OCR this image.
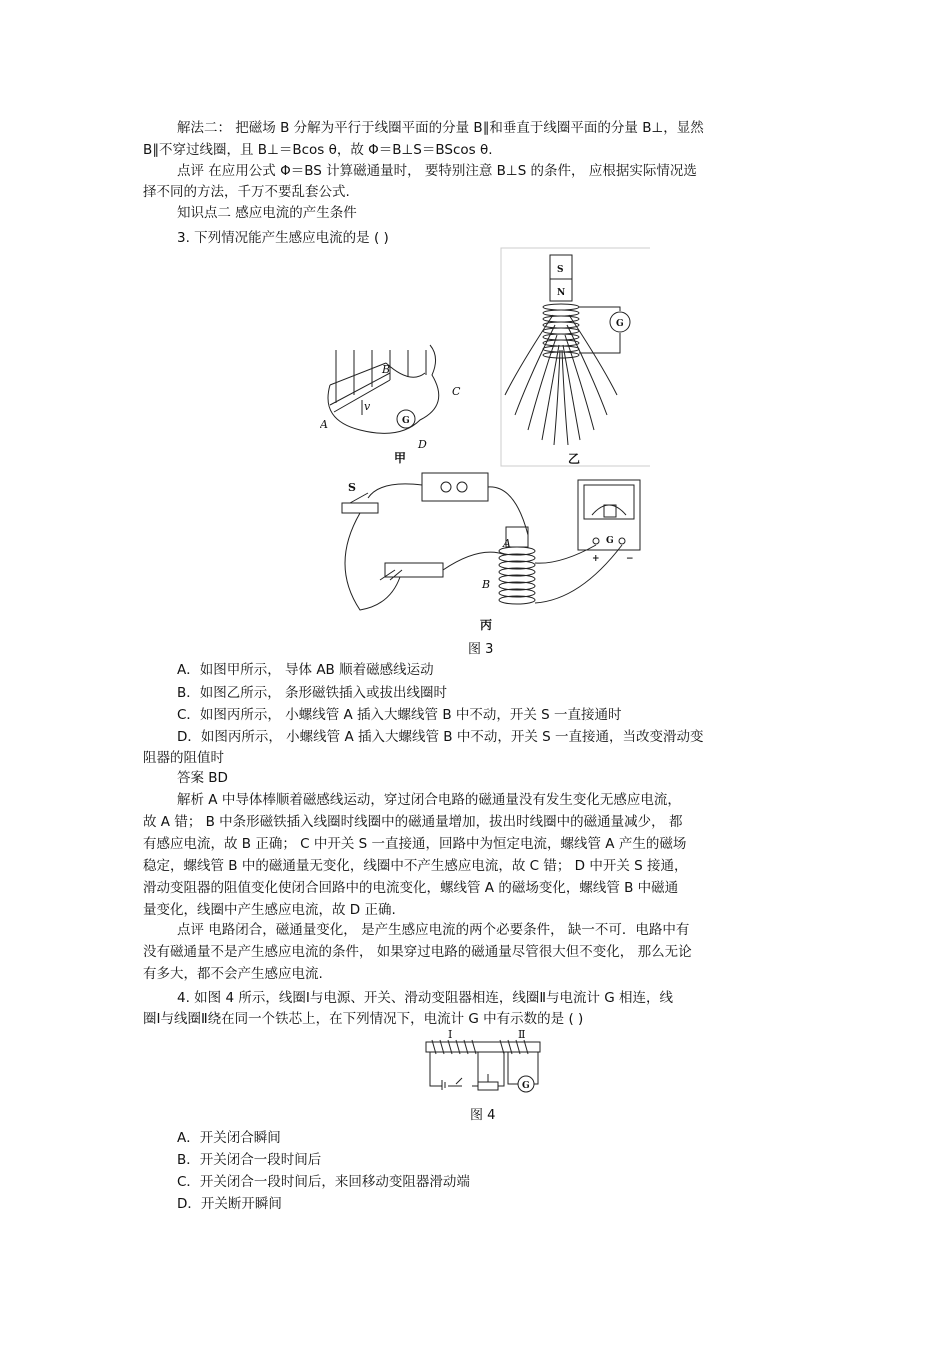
解法二： 把磁场 B 分解为平行于线圈平面的分量 B∥和垂直于线圈平面的分量 B⊥，显然
B∥不穿过线圈，且 B⊥＝Bcos θ，故 Φ＝B⊥S＝BScos θ.
点评 在应用公式 Φ＝BS 计算磁通量时， 要特别注意 B⊥S 的条件， 应根据实际情况选
择不同的方法，千万不要乱套公式.
知识点二 感应电流的产生条件
3. 下列情况能产生感应电流的是 ( )
A
B
C
D
v
A
B
G
S
N
G
S
G
+	−
甲	乙
丙
图 3
A．如图甲所示， 导体 AB 顺着磁感线运动
B．如图乙所示， 条形磁铁插入或拔出线圈时
C．如图丙所示， 小螺线管 A 插入大螺线管 B 中不动，开关 S 一直接通时
D．如图丙所示， 小螺线管 A 插入大螺线管 B 中不动，开关 S 一直接通，当改变滑动变
阻器的阻值时
答案 BD
解析 A 中导体棒顺着磁感线运动，穿过闭合电路的磁通量没有发生变化无感应电流，
故 A 错； B 中条形磁铁插入线圈时线圈中的磁通量增加，拔出时线圈中的磁通量减少， 都
有感应电流，故 B 正确； C 中开关 S 一直接通，回路中为恒定电流，螺线管 A 产生的磁场
稳定，螺线管 B 中的磁通量无变化，线圈中不产生感应电流，故 C 错； D 中开关 S 接通，
滑动变阻器的阻值变化使闭合回路中的电流变化，螺线管 A 的磁场变化，螺线管 B 中磁通
量变化，线圈中产生感应电流，故 D 正确.
点评 电路闭合，磁通量变化， 是产生感应电流的两个必要条件， 缺一不可．电路中有
没有磁通量不是产生感应电流的条件， 如果穿过电路的磁通量尽管很大但不变化， 那么无论
有多大，都不会产生感应电流.
4. 如图 4 所示，线圈Ⅰ与电源、开关、滑动变阻器相连，线圈Ⅱ与电流计 G 相连，线
圈Ⅰ与线圈Ⅱ绕在同一个铁芯上，在下列情况下，电流计 G 中有示数的是 ( )
Ⅰ	Ⅱ
G
图 4
A．开关闭合瞬间
B．开关闭合一段时间后
C．开关闭合一段时间后，来回移动变阻器滑动端
D．开关断开瞬间
